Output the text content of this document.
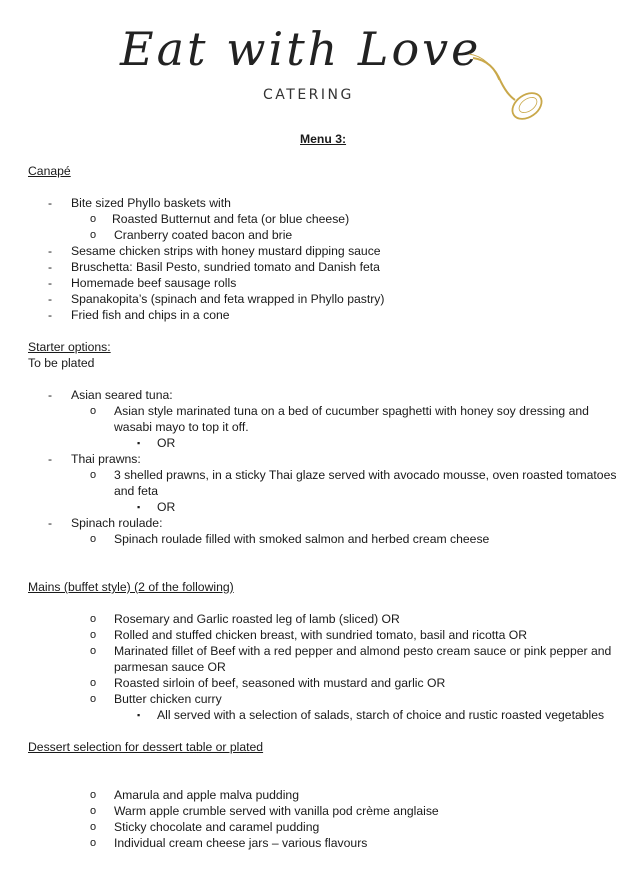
Eat with Love
CATERING
Menu 3:
Canapé
- Bite sized Phyllo baskets with
o Roasted Butternut and feta (or blue cheese)
o Cranberry coated bacon and brie
- Sesame chicken strips with honey mustard dipping sauce
- Bruschetta: Basil Pesto, sundried tomato and Danish feta
- Homemade beef sausage rolls
- Spanakopita’s (spinach and feta wrapped in Phyllo pastry)
- Fried fish and chips in a cone
Starter options:
To be plated
- Asian seared tuna:
o Asian style marinated tuna on a bed of cucumber spaghetti with honey soy dressing and
wasabi mayo to top it off.
▪ OR
- Thai prawns:
o 3 shelled prawns, in a sticky Thai glaze served with avocado mousse, oven roasted tomatoes
and feta
▪ OR
- Spinach roulade:
o Spinach roulade filled with smoked salmon and herbed cream cheese
Mains (buffet style) (2 of the following)
o Rosemary and Garlic roasted leg of lamb (sliced) OR
o Rolled and stuffed chicken breast, with sundried tomato, basil and ricotta OR
o Marinated fillet of Beef with a red pepper and almond pesto cream sauce or pink pepper and
parmesan sauce OR
o Roasted sirloin of beef, seasoned with mustard and garlic OR
o Butter chicken curry
▪ All served with a selection of salads, starch of choice and rustic roasted vegetables
Dessert selection for dessert table or plated
o Amarula and apple malva pudding
o Warm apple crumble served with vanilla pod crème anglaise
o Sticky chocolate and caramel pudding
o Individual cream cheese jars – various flavours
